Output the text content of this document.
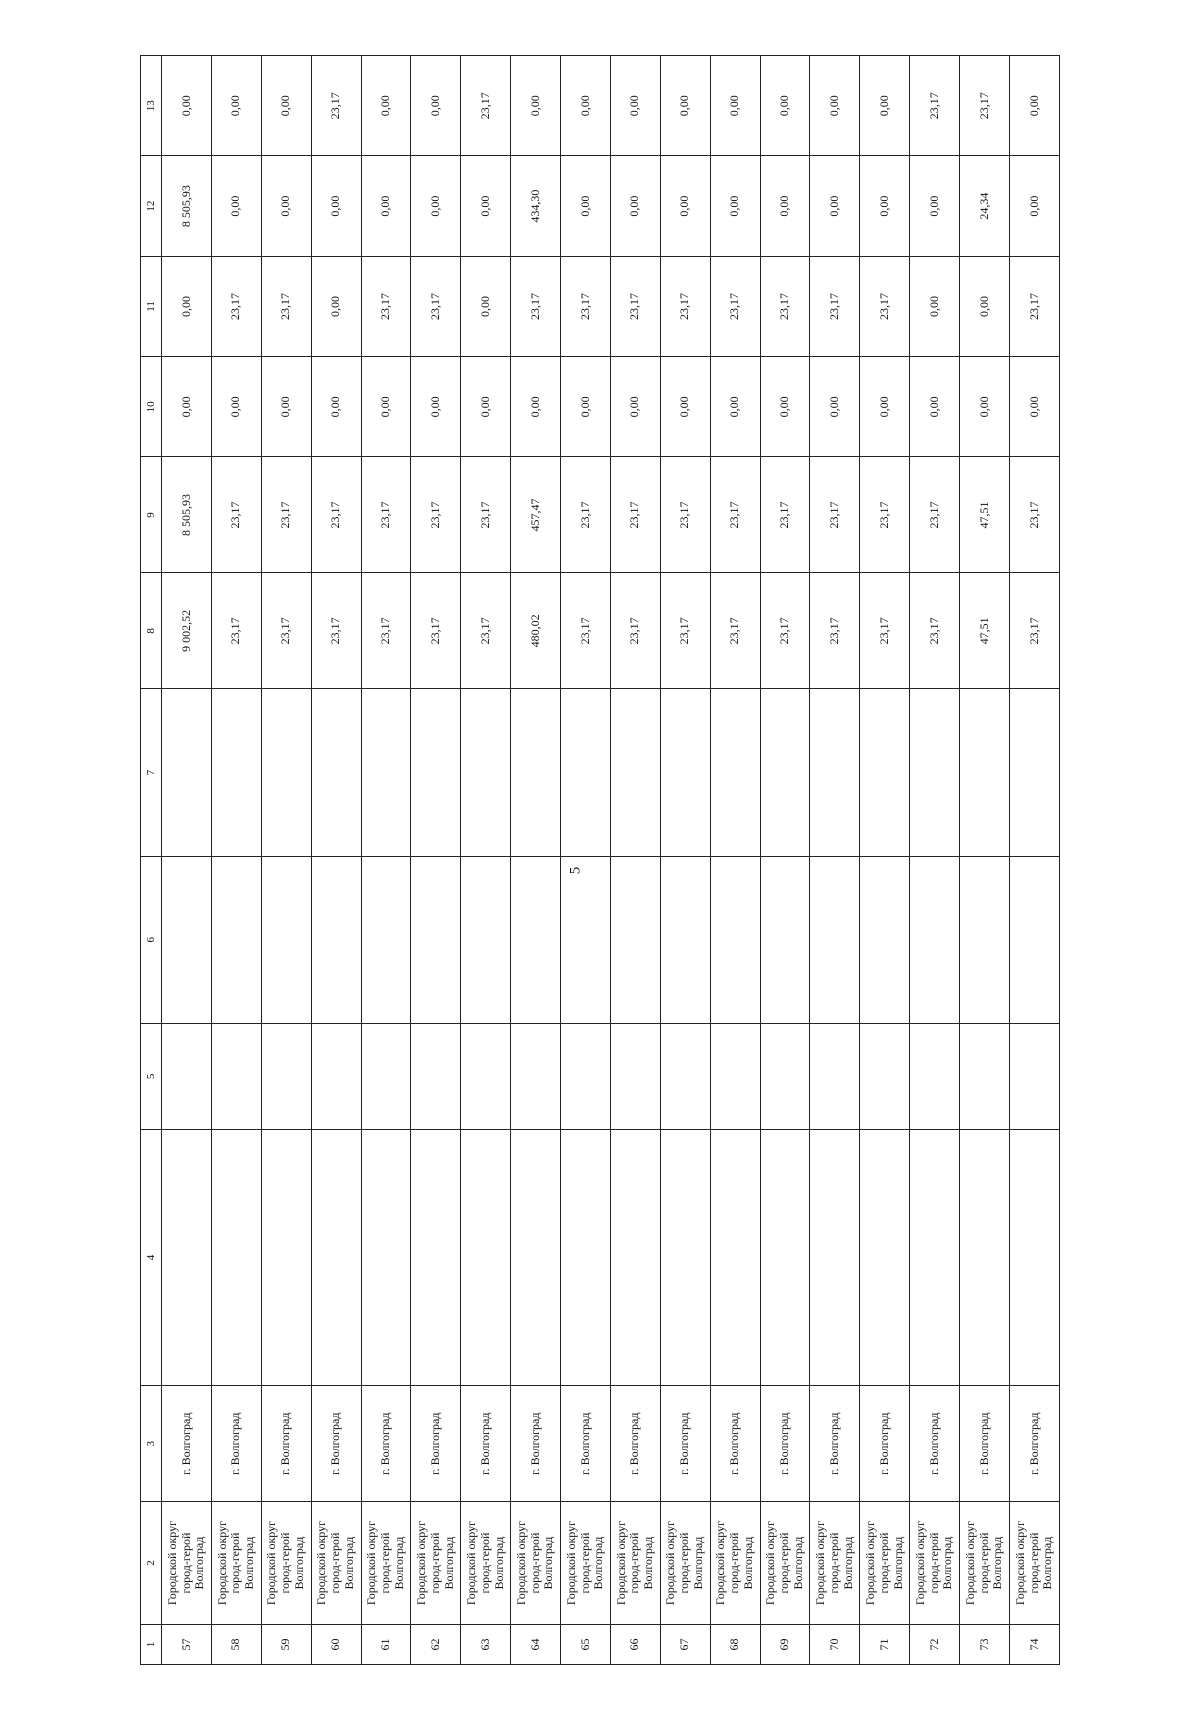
5
1	2	3	4	5	6	7	8	9	10	11	12	13
57	Городской округ город-герой Волгоград	г. Волгоград					9 002,52	8 505,93	0,00	0,00	8 505,93	0,00
58	Городской округ город-герой Волгоград	г. Волгоград					23,17	23,17	0,00	23,17	0,00	0,00
59	Городской округ город-герой Волгоград	г. Волгоград					23,17	23,17	0,00	23,17	0,00	0,00
60	Городской округ город-герой Волгоград	г. Волгоград					23,17	23,17	0,00	0,00	0,00	23,17
61	Городской округ город-герой Волгоград	г. Волгоград					23,17	23,17	0,00	23,17	0,00	0,00
62	Городской округ город-герой Волгоград	г. Волгоград					23,17	23,17	0,00	23,17	0,00	0,00
63	Городской округ город-герой Волгоград	г. Волгоград					23,17	23,17	0,00	0,00	0,00	23,17
64	Городской округ город-герой Волгоград	г. Волгоград					480,02	457,47	0,00	23,17	434,30	0,00
65	Городской округ город-герой Волгоград	г. Волгоград					23,17	23,17	0,00	23,17	0,00	0,00
66	Городской округ город-герой Волгоград	г. Волгоград					23,17	23,17	0,00	23,17	0,00	0,00
67	Городской округ город-герой Волгоград	г. Волгоград					23,17	23,17	0,00	23,17	0,00	0,00
68	Городской округ город-герой Волгоград	г. Волгоград					23,17	23,17	0,00	23,17	0,00	0,00
69	Городской округ город-герой Волгоград	г. Волгоград					23,17	23,17	0,00	23,17	0,00	0,00
70	Городской округ город-герой Волгоград	г. Волгоград					23,17	23,17	0,00	23,17	0,00	0,00
71	Городской округ город-герой Волгоград	г. Волгоград					23,17	23,17	0,00	23,17	0,00	0,00
72	Городской округ город-герой Волгоград	г. Волгоград					23,17	23,17	0,00	0,00	0,00	23,17
73	Городской округ город-герой Волгоград	г. Волгоград					47,51	47,51	0,00	0,00	24,34	23,17
74	Городской округ город-герой Волгоград	г. Волгоград					23,17	23,17	0,00	23,17	0,00	0,00
